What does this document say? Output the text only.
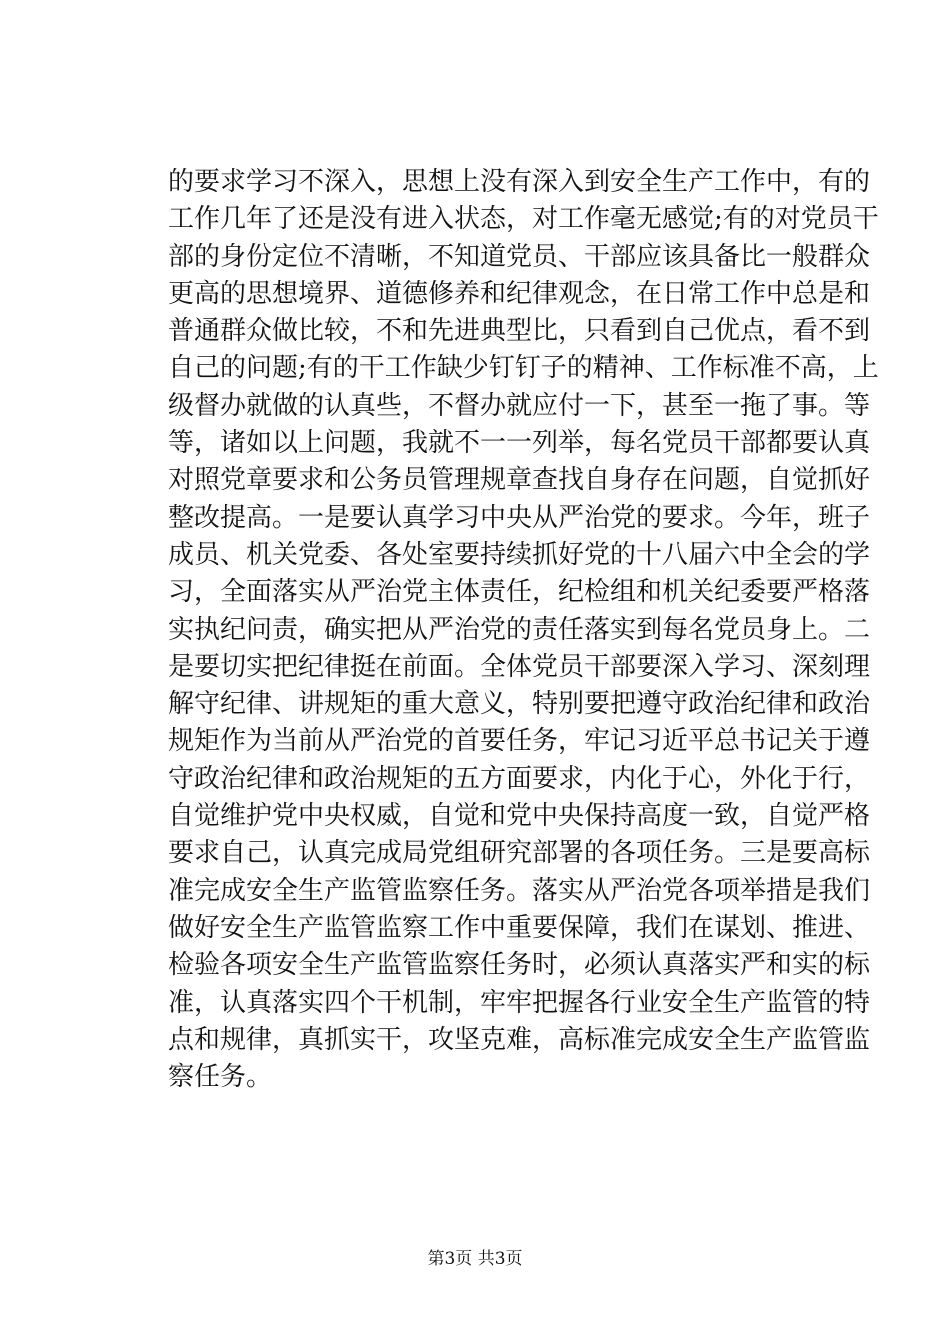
的要求学习不深入，思想上没有深入到安全生产工作中，有的
工作几年了还是没有进入状态，对工作毫无感觉;有的对党员干
部的身份定位不清晰，不知道党员、干部应该具备比一般群众
更高的思想境界、道德修养和纪律观念，在日常工作中总是和
普通群众做比较，不和先进典型比，只看到自己优点，看不到
自己的问题;有的干工作缺少钉钉子的精神、工作标准不高，上
级督办就做的认真些，不督办就应付一下，甚至一拖了事。等
等，诸如以上问题，我就不一一列举，每名党员干部都要认真
对照党章要求和公务员管理规章查找自身存在问题，自觉抓好
整改提高。一是要认真学习中央从严治党的要求。今年，班子
成员、机关党委、各处室要持续抓好党的十八届六中全会的学
习，全面落实从严治党主体责任，纪检组和机关纪委要严格落
实执纪问责，确实把从严治党的责任落实到每名党员身上。二
是要切实把纪律挺在前面。全体党员干部要深入学习、深刻理
解守纪律、讲规矩的重大意义，特别要把遵守政治纪律和政治
规矩作为当前从严治党的首要任务，牢记习近平总书记关于遵
守政治纪律和政治规矩的五方面要求，内化于心，外化于行，
自觉维护党中央权威，自觉和党中央保持高度一致，自觉严格
要求自己，认真完成局党组研究部署的各项任务。三是要高标
准完成安全生产监管监察任务。落实从严治党各项举措是我们
做好安全生产监管监察工作中重要保障，我们在谋划、推进、
检验各项安全生产监管监察任务时，必须认真落实严和实的标
准，认真落实四个干机制，牢牢把握各行业安全生产监管的特
点和规律，真抓实干，攻坚克难，高标准完成安全生产监管监
察任务。
第3页 共3页
